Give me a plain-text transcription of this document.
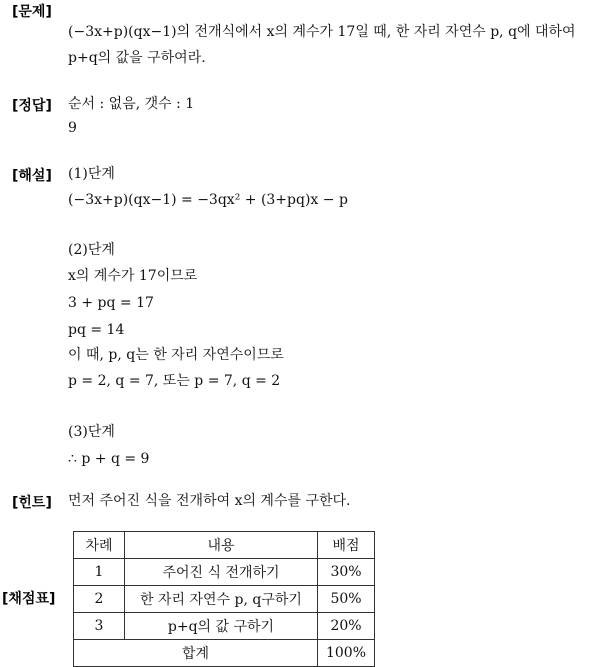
[문제]
(−3x+p)(qx−1)의 전개식에서 x의 계수가 17일 때, 한 자리 자연수 p, q에 대하여
p+q의 값을 구하여라.
[정답] 순서 : 없음, 갯수 : 1
9
[해설] (1)단계
(−3x+p)(qx−1) = −3qx² + (3+pq)x − p
(2)단계
x의 계수가 17이므로
3 + pq = 17
pq = 14
이 때, p, q는 한 자리 자연수이므로
p = 2, q = 7, 또는 p = 7, q = 2
(3)단계
∴ p + q = 9
[힌트] 먼저 주어진 식을 전개하여 x의 계수를 구한다.
[채점표]
차례	내용	배점
1	주어진 식 전개하기	30%
2	한 자리 자연수 p, q구하기	50%
3	p+q의 값 구하기	20%
합계		100%
